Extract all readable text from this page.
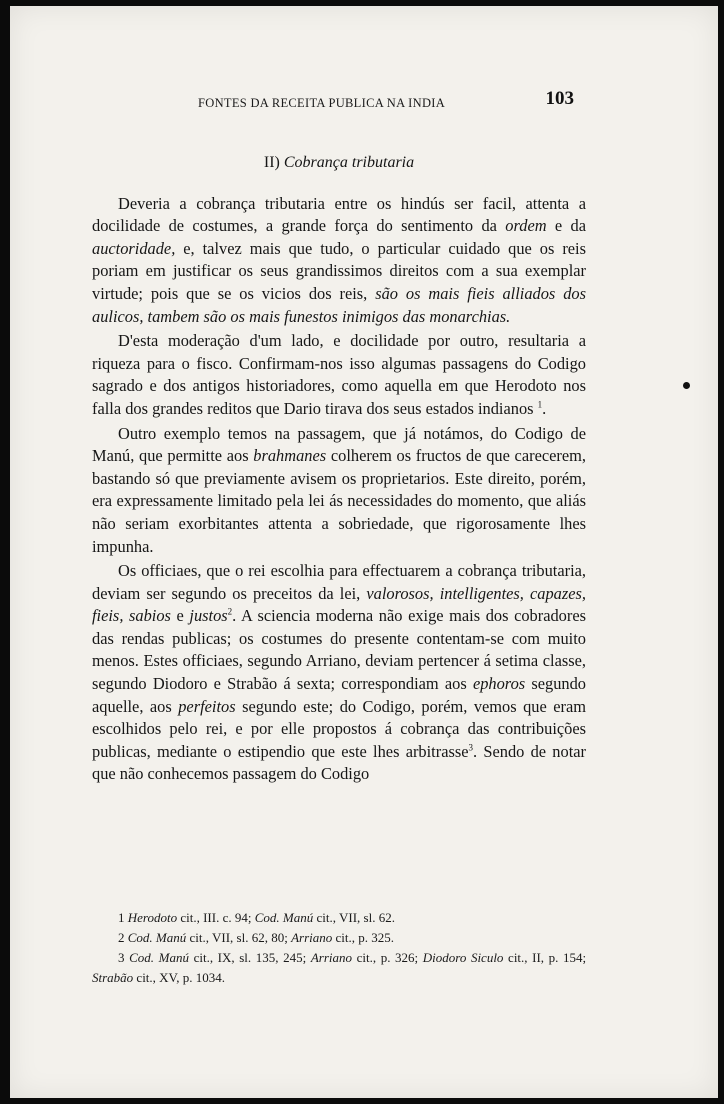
FONTES DA RECEITA PUBLICA NA INDIA	103
II) Cobrança tributaria

Deveria a cobrança tributaria entre os hindús ser facil, attenta a docilidade de costumes, a grande força do sentimento da ordem e da auctoridade, e, talvez mais que tudo, o particular cuidado que os reis poriam em justificar os seus grandissimos direitos com a sua exemplar virtude; pois que se os vicios dos reis, são os mais fieis alliados dos aulicos, tambem são os mais funestos inimigos das monarchias.

D'esta moderação d'um lado, e docilidade por outro, resultaria a riqueza para o fisco. Confirmam-nos isso algumas passagens do Codigo sagrado e dos antigos historiadores, como aquella em que Herodoto nos falla dos grandes reditos que Dario tirava dos seus estados indianos $^1$.

Outro exemplo temos na passagem, que já notámos, do Codigo de Manú, que permitte aos brahmanes colherem os fructos de que carecerem, bastando só que previamente avisem os proprietarios. Este direito, porém, era expressamente limitado pela lei ás necessidades do momento, que aliás não seriam exorbitantes attenta a sobriedade, que rigorosamente lhes impunha.

Os officiaes, que o rei escolhia para effectuarem a cobrança tributaria, deviam ser segundo os preceitos da lei, valorosos, intelligentes, capazes, fieis, sabios e justos$^2$. A sciencia moderna não exige mais dos cobradores das rendas publicas; os costumes do presente contentam-se com muito menos. Estes officiaes, segundo Arriano, deviam pertencer á setima classe, segundo Diodoro e Strabão á sexta; correspondiam aos ephoros segundo aquelle, aos perfeitos segundo este; do Codigo, porém, vemos que eram escolhidos pelo rei, e por elle propostos á cobrança das contribuições publicas, mediante o estipendio que este lhes arbitrasse$^3$. Sendo de notar que não conhecemos passagem do Codigo

1 Herodoto cit., III. c. 94; Cod. Manú cit., VII, sl. 62.

2 Cod. Manú cit., VII, sl. 62, 80; Arriano cit., p. 325.

3 Cod. Manú cit., IX, sl. 135, 245; Arriano cit., p. 326; Diodoro Siculo cit., II, p. 154; Strabão cit., XV, p. 1034.
